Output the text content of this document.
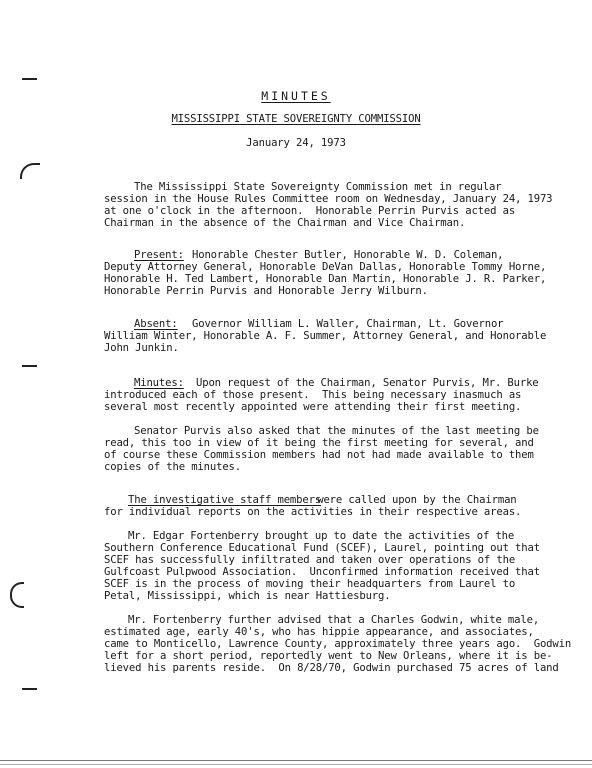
MINUTES
MISSISSIPPI STATE SOVEREIGNTY COMMISSION
January 24, 1973
The Mississippi State Sovereignty Commission met in regular
session in the House Rules Committee room on Wednesday, January 24, 1973
at one o'clock in the afternoon.  Honorable Perrin Purvis acted as
Chairman in the absence of the Chairman and Vice Chairman.
Present: Honorable Chester Butler, Honorable W. D. Coleman,
Deputy Attorney General, Honorable DeVan Dallas, Honorable Tommy Horne,
Honorable H. Ted Lambert, Honorable Dan Martin, Honorable J. R. Parker,
Honorable Perrin Purvis and Honorable Jerry Wilburn.
Absent: Governor William L. Waller, Chairman, Lt. Governor
William Winter, Honorable A. F. Summer, Attorney General, and Honorable
John Junkin.
Minutes: Upon request of the Chairman, Senator Purvis, Mr. Burke
introduced each of those present.  This being necessary inasmuch as
several most recently appointed were attending their first meeting.
Senator Purvis also asked that the minutes of the last meeting be
read, this too in view of it being the first meeting for several, and
of course these Commission members had not had made available to them
copies of the minutes.
The investigative staff members
were called upon by the Chairman
for individual reports on the activities in their respective areas.
Mr. Edgar Fortenberry brought up to date the activities of the
Southern Conference Educational Fund (SCEF), Laurel, pointing out that
SCEF has successfully infiltrated and taken over operations of the
Gulfcoast Pulpwood Association.  Unconfirmed information received that
SCEF is in the process of moving their headquarters from Laurel to
Petal, Mississippi, which is near Hattiesburg.
Mr. Fortenberry further advised that a Charles Godwin, white male,
estimated age, early 40's, who has hippie appearance, and associates,
came to Monticello, Lawrence County, approximately three years ago.  Godwin
left for a short period, reportedly went to New Orleans, where it is be-
lieved his parents reside.  On 8/28/70, Godwin purchased 75 acres of land
